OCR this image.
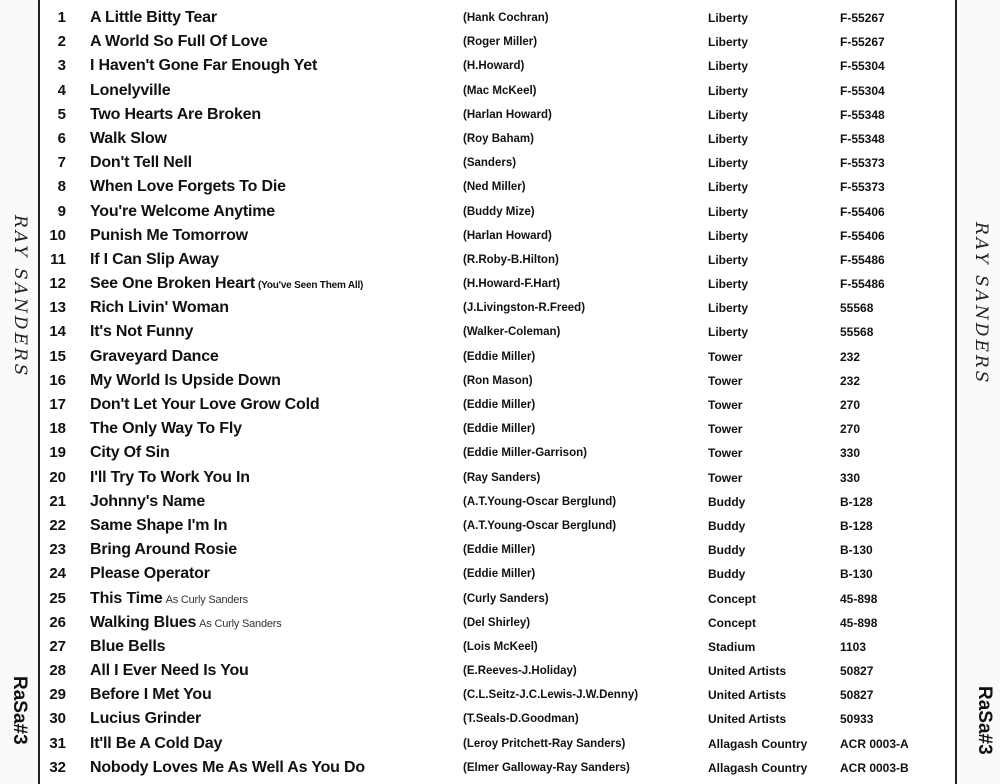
RAY SANDERS
RaSa#3
1 A Little Bitty Tear	(Hank Cochran)	Liberty	F-55267
2 A World So Full Of Love	(Roger Miller)	Liberty	F-55267
3 I Haven't Gone Far Enough Yet	(H.Howard)	Liberty	F-55304
4 Lonelyville	(Mac McKeel)	Liberty	F-55304
5 Two Hearts Are Broken	(Harlan Howard)	Liberty	F-55348
6 Walk Slow	(Roy Baham)	Liberty	F-55348
7 Don't Tell Nell	(Sanders)	Liberty	F-55373
8 When Love Forgets To Die	(Ned Miller)	Liberty	F-55373
9 You're Welcome Anytime	(Buddy Mize)	Liberty	F-55406
10 Punish Me Tomorrow	(Harlan Howard)	Liberty	F-55406
11 If I Can Slip Away	(R.Roby-B.Hilton)	Liberty	F-55486
12 See One Broken Heart (You've Seen Them All)	(H.Howard-F.Hart)	Liberty	F-55486
13 Rich Livin' Woman	(J.Livingston-R.Freed)	Liberty	55568
14 It's Not Funny	(Walker-Coleman)	Liberty	55568
15 Graveyard Dance	(Eddie Miller)	Tower	232
16 My World Is Upside Down	(Ron Mason)	Tower	232
17 Don't Let Your Love Grow Cold	(Eddie Miller)	Tower	270
18 The Only Way To Fly	(Eddie Miller)	Tower	270
19 City Of Sin	(Eddie Miller-Garrison)	Tower	330
20 I'll Try To Work You In	(Ray Sanders)	Tower	330
21 Johnny's Name	(A.T.Young-Oscar Berglund)	Buddy	B-128
22 Same Shape I'm In	(A.T.Young-Oscar Berglund)	Buddy	B-128
23 Bring Around Rosie	(Eddie Miller)	Buddy	B-130
24 Please Operator	(Eddie Miller)	Buddy	B-130
25 This Time As Curly Sanders	(Curly Sanders)	Concept	45-898
26 Walking Blues As Curly Sanders	(Del Shirley)	Concept	45-898
27 Blue Bells	(Lois McKeel)	Stadium	1103
28 All I Ever Need Is You	(E.Reeves-J.Holiday)	United Artists	50827
29 Before I Met You	(C.L.Seitz-J.C.Lewis-J.W.Denny)	United Artists	50827
30 Lucius Grinder	(T.Seals-D.Goodman)	United Artists	50933
31 It'll Be A Cold Day	(Leroy Pritchett-Ray Sanders)	Allagash Country	ACR 0003-A
32 Nobody Loves Me As Well As You Do	(Elmer Galloway-Ray Sanders)	Allagash Country	ACR 0003-B
RAY SANDERS
RaSa#3
